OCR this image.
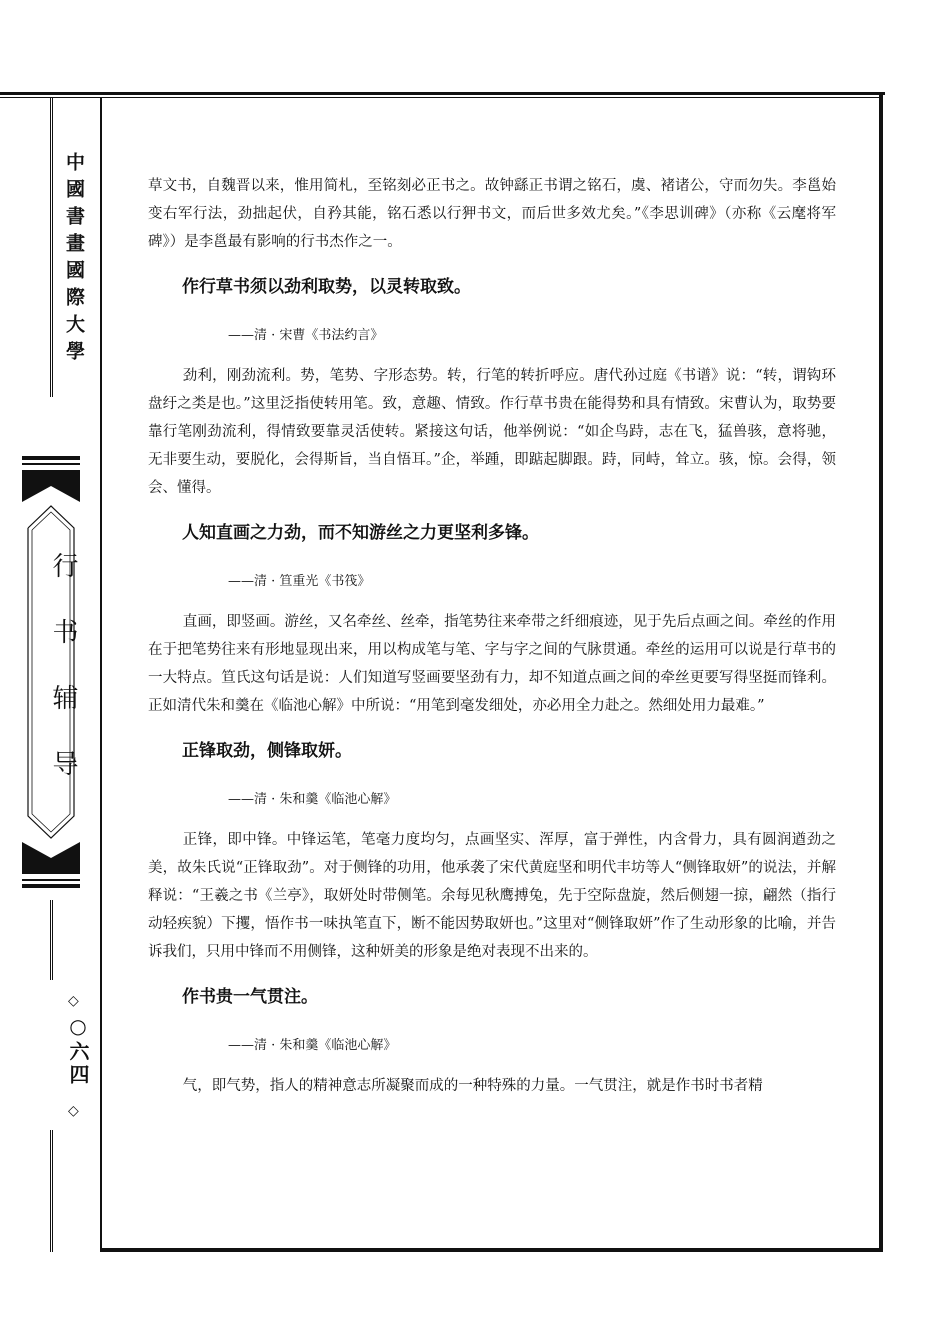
中國書畫國際大學
行书辅导
◇
○六四
◇

草文书，自魏晋以来，惟用简札，至铭刻必正书之。故钟繇正书谓之铭石，虞、褚诸公，守而勿失。李邕始变右军行法，劲拙起伏，自矜其能，铭石悉以行狎书文，而后世多效尤矣。”《李思训碑》（亦称《云麾将军碑》）是李邕最有影响的行书杰作之一。

作行草书须以劲利取势，以灵转取致。

——清 · 宋曹《书法约言》

劲利，刚劲流利。势，笔势、字形态势。转，行笔的转折呼应。唐代孙过庭《书谱》说：“转，谓钩环盘纡之类是也。”这里泛指使转用笔。致，意趣、情致。作行草书贵在能得势和具有情致。宋曹认为，取势要靠行笔刚劲流利，得情致要靠灵活使转。紧接这句话，他举例说：“如企鸟跱，志在飞，猛兽骇，意将驰，无非要生动，要脱化，会得斯旨，当自悟耳。”企，举踵，即踮起脚跟。跱，同峙，耸立。骇，惊。会得，领会、懂得。

人知直画之力劲，而不知游丝之力更坚利多锋。

——清 · 笪重光《书筏》

直画，即竖画。游丝，又名牵丝、丝牵，指笔势往来牵带之纤细痕迹，见于先后点画之间。牵丝的作用在于把笔势往来有形地显现出来，用以构成笔与笔、字与字之间的气脉贯通。牵丝的运用可以说是行草书的一大特点。笪氏这句话是说：人们知道写竖画要坚劲有力，却不知道点画之间的牵丝更要写得坚挺而锋利。正如清代朱和羹在《临池心解》中所说：“用笔到毫发细处，亦必用全力赴之。然细处用力最难。”

正锋取劲，侧锋取妍。

——清 · 朱和羹《临池心解》

正锋，即中锋。中锋运笔，笔毫力度均匀，点画坚实、浑厚，富于弹性，内含骨力，具有圆润遒劲之美，故朱氏说“正锋取劲”。对于侧锋的功用，他承袭了宋代黄庭坚和明代丰坊等人“侧锋取妍”的说法，并解释说：“王羲之书《兰亭》，取妍处时带侧笔。余每见秋鹰搏兔，先于空际盘旋，然后侧翅一掠，翩然（指行动轻疾貌）下攫，悟作书一味执笔直下，断不能因势取妍也。”这里对“侧锋取妍”作了生动形象的比喻，并告诉我们，只用中锋而不用侧锋，这种妍美的形象是绝对表现不出来的。

作书贵一气贯注。

——清 · 朱和羹《临池心解》

气，即气势，指人的精神意志所凝聚而成的一种特殊的力量。一气贯注，就是作书时书者精
